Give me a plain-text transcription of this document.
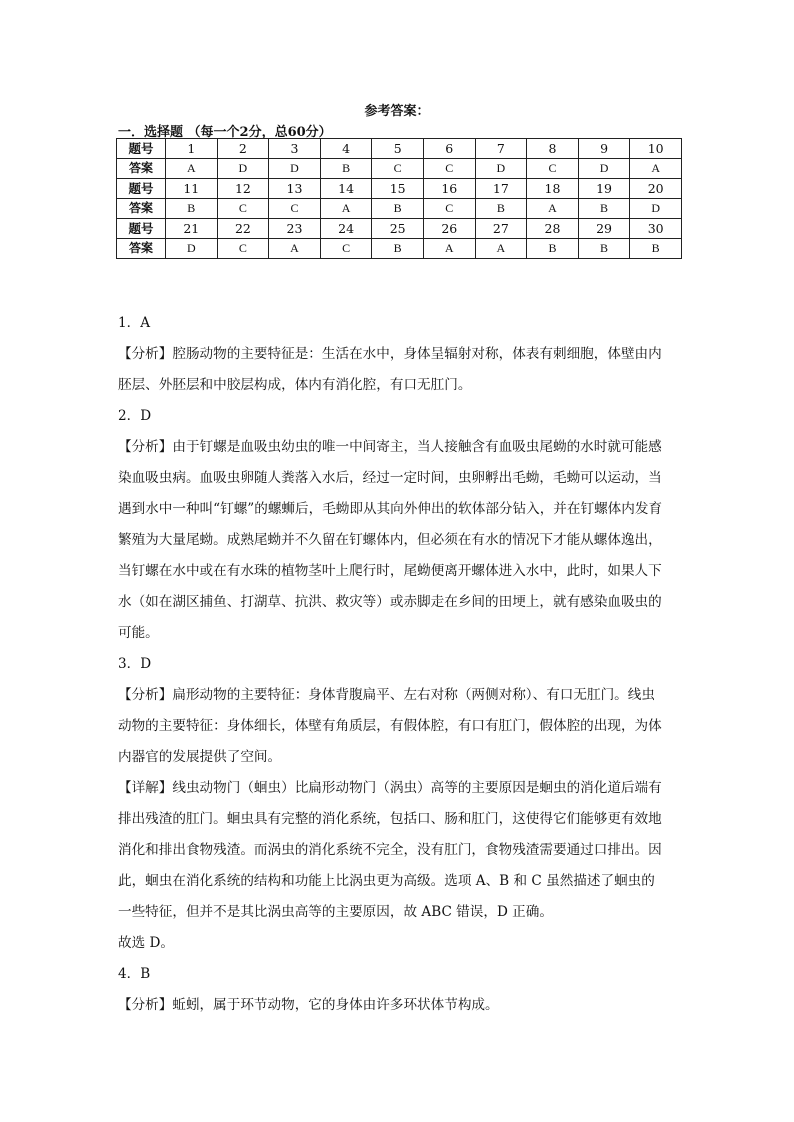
参考答案：
一．选择题 （每一个2分，总60分）
题号	1	2	3	4	5	6	7	8	9	10
答案	A	D	D	B	C	C	D	C	D	A
题号	11	12	13	14	15	16	17	18	19	20
答案	B	C	C	A	B	C	B	A	B	D
题号	21	22	23	24	25	26	27	28	29	30
答案	D	C	A	C	B	A	A	B	B	B

1．A

【分析】腔肠动物的主要特征是：生活在水中，身体呈辐射对称，体表有刺细胞，体壁由内

胚层、外胚层和中胶层构成，体内有消化腔，有口无肛门。

2．D

【分析】由于钉螺是血吸虫幼虫的唯一中间寄主，当人接触含有血吸虫尾蚴的水时就可能感

染血吸虫病。血吸虫卵随人粪落入水后，经过一定时间，虫卵孵出毛蚴，毛蚴可以运动，当

遇到水中一种叫“钉螺”的螺蛳后，毛蚴即从其向外伸出的软体部分钻入，并在钉螺体内发育

繁殖为大量尾蚴。成熟尾蚴并不久留在钉螺体内，但必须在有水的情况下才能从螺体逸出，

当钉螺在水中或在有水珠的植物茎叶上爬行时，尾蚴便离开螺体进入水中，此时，如果人下

水（如在湖区捕鱼、打湖草、抗洪、救灾等）或赤脚走在乡间的田埂上，就有感染血吸虫的

可能。

3．D

【分析】扁形动物的主要特征：身体背腹扁平、左右对称（两侧对称）、有口无肛门。线虫

动物的主要特征：身体细长，体壁有角质层，有假体腔，有口有肛门，假体腔的出现，为体

内器官的发展提供了空间。

【详解】线虫动物门（蛔虫）比扁形动物门（涡虫）高等的主要原因是蛔虫的消化道后端有

排出残渣的肛门。蛔虫具有完整的消化系统，包括口、肠和肛门，这使得它们能够更有效地

消化和排出食物残渣。而涡虫的消化系统不完全，没有肛门，食物残渣需要通过口排出。因

此，蛔虫在消化系统的结构和功能上比涡虫更为高级。选项 A、B 和 C 虽然描述了蛔虫的

一些特征，但并不是其比涡虫高等的主要原因，故 ABC 错误，D 正确。

故选 D。

4．B

【分析】蚯蚓，属于环节动物，它的身体由许多环状体节构成。
